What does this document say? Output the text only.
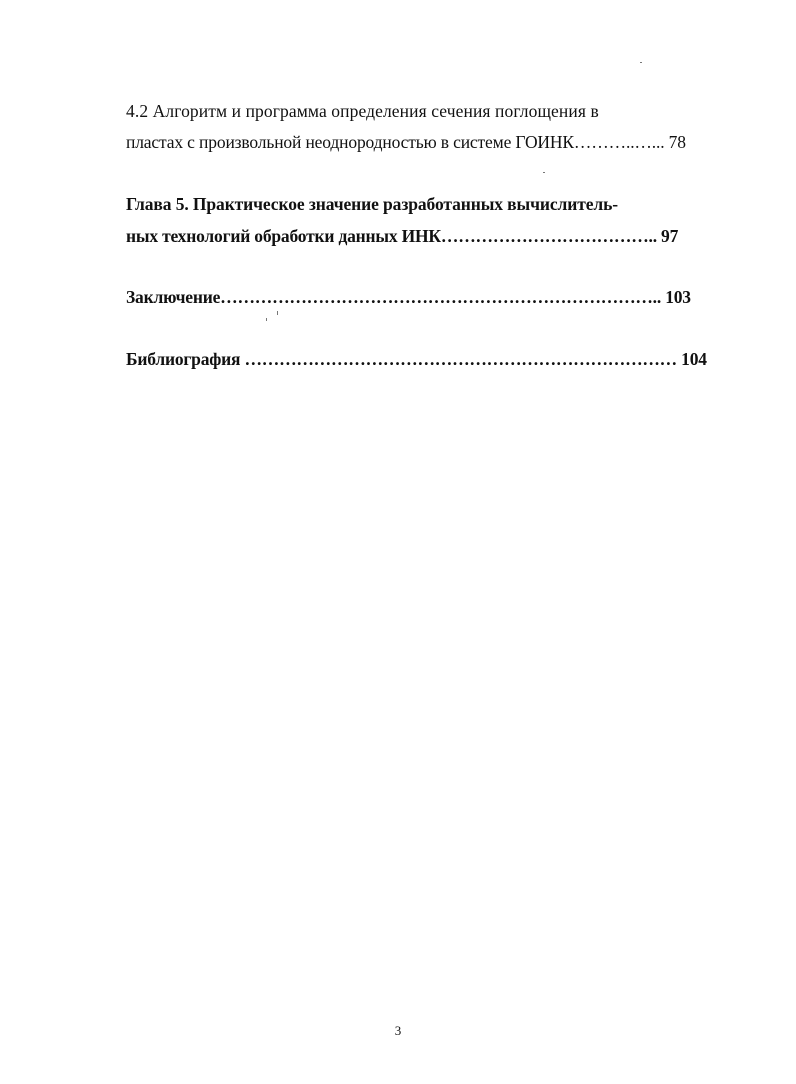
4.2 Алгоритм и программа определения сечения поглощения в
пластах с произвольной неоднородностью в системе ГОИНК………..…... 78
Глава 5. Практическое значение разработанных вычислитель-
ных технологий обработки данных ИНК……………………………….. 97
Заключение………………………………………………………………….. 103
Библиография ………………………………………………………………… 104
3
